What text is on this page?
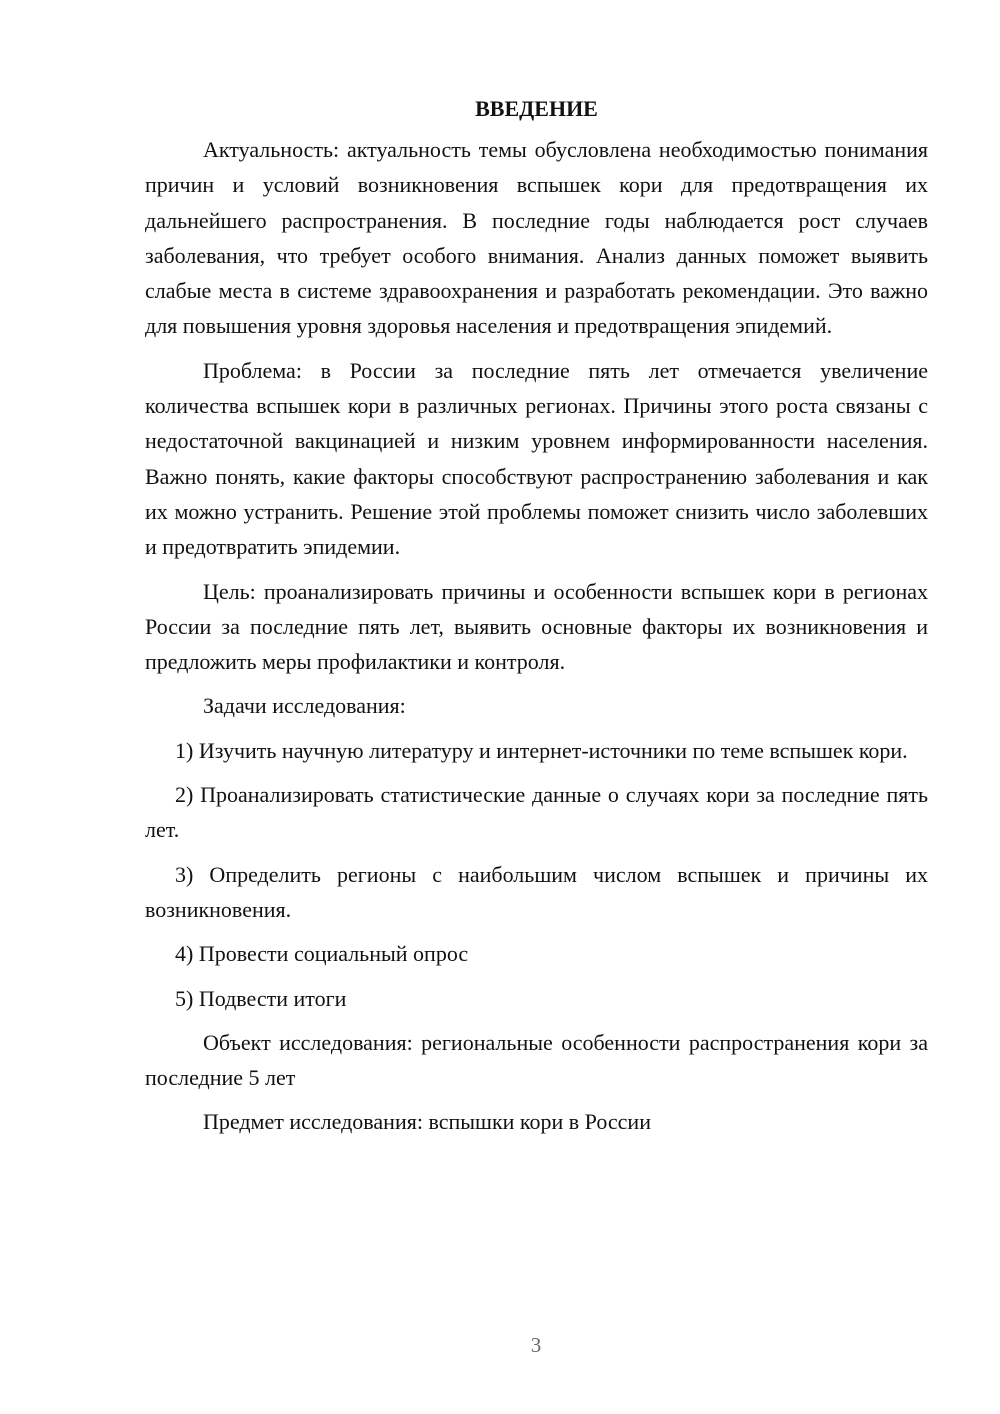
ВВЕДЕНИЕ

Актуальность: актуальность темы обусловлена необходимостью понимания причин и условий возникновения вспышек кори для предотвращения их дальнейшего распространения. В последние годы наблюдается рост случаев заболевания, что требует особого внимания. Анализ данных поможет выявить слабые места в системе здравоохранения и разработать рекомендации. Это важно для повышения уровня здоровья населения и предотвращения эпидемий.

Проблема: в России за последние пять лет отмечается увеличение количества вспышек кори в различных регионах. Причины этого роста связаны с недостаточной вакцинацией и низким уровнем информированности населения. Важно понять, какие факторы способствуют распространению заболевания и как их можно устранить. Решение этой проблемы поможет снизить число заболевших и предотвратить эпидемии.

Цель: проанализировать причины и особенности вспышек кори в регионах России за последние пять лет, выявить основные факторы их возникновения и предложить меры профилактики и контроля.

Задачи исследования:

1) Изучить научную литературу и интернет-источники по теме вспышек кори.

2) Проанализировать статистические данные о случаях кори за последние пять лет.

3) Определить регионы с наибольшим числом вспышек и причины их возникновения.

4) Провести социальный опрос

5) Подвести итоги

Объект исследования: региональные особенности распространения кори за последние 5 лет

Предмет исследования: вспышки кори в России

3
